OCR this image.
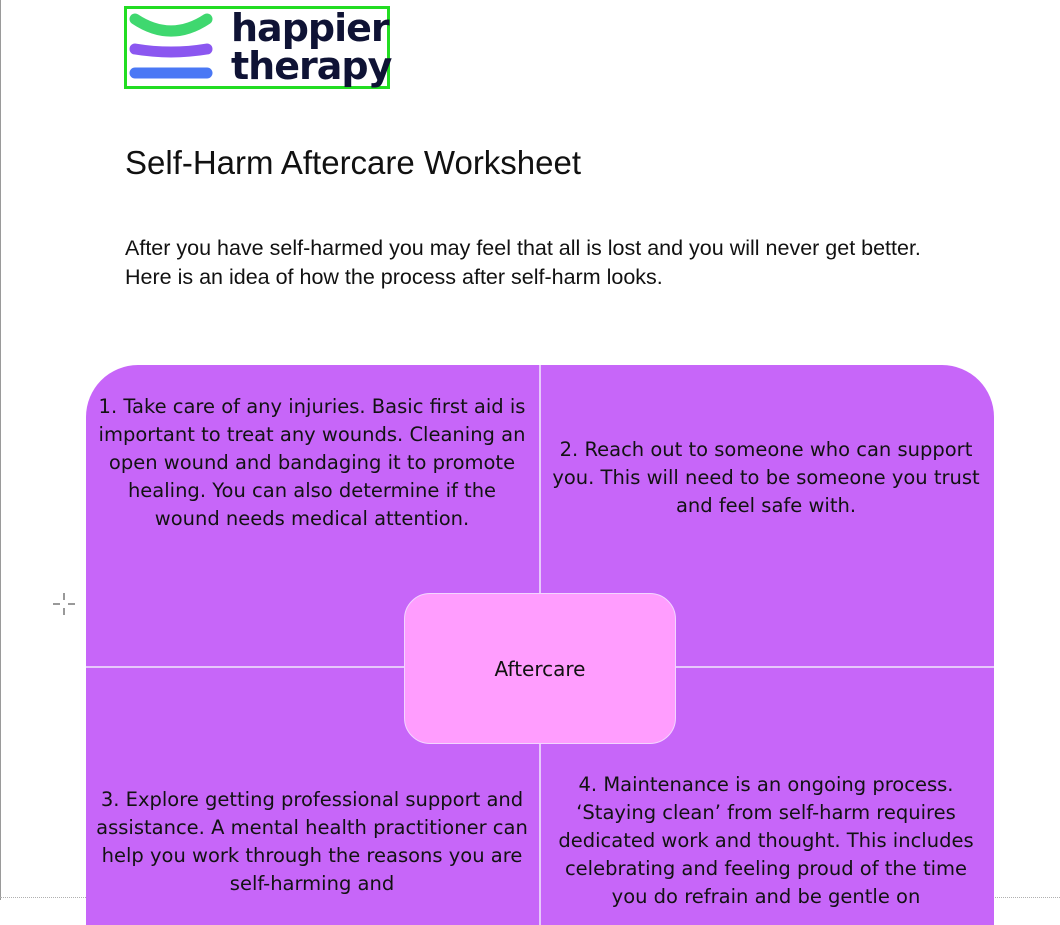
happier
therapy
Self-Harm Aftercare Worksheet

After you have self-harmed you may feel that all is lost and you will never get better. Here is an idea of how the process after self-harm looks.

1. Take care of any injuries. Basic first aid is important to treat any wounds. Cleaning an open wound and bandaging it to promote healing. You can also determine if the wound needs medical attention.

2. Reach out to someone who can support you. This will need to be someone you trust and feel safe with.

3. Explore getting professional support and assistance. A mental health practitioner can help you work through the reasons you are self-harming and

4. Maintenance is an ongoing process. ‘Staying clean’ from self-harm requires dedicated work and thought. This includes celebrating and feeling proud of the time you do refrain and be gentle on

Aftercare
